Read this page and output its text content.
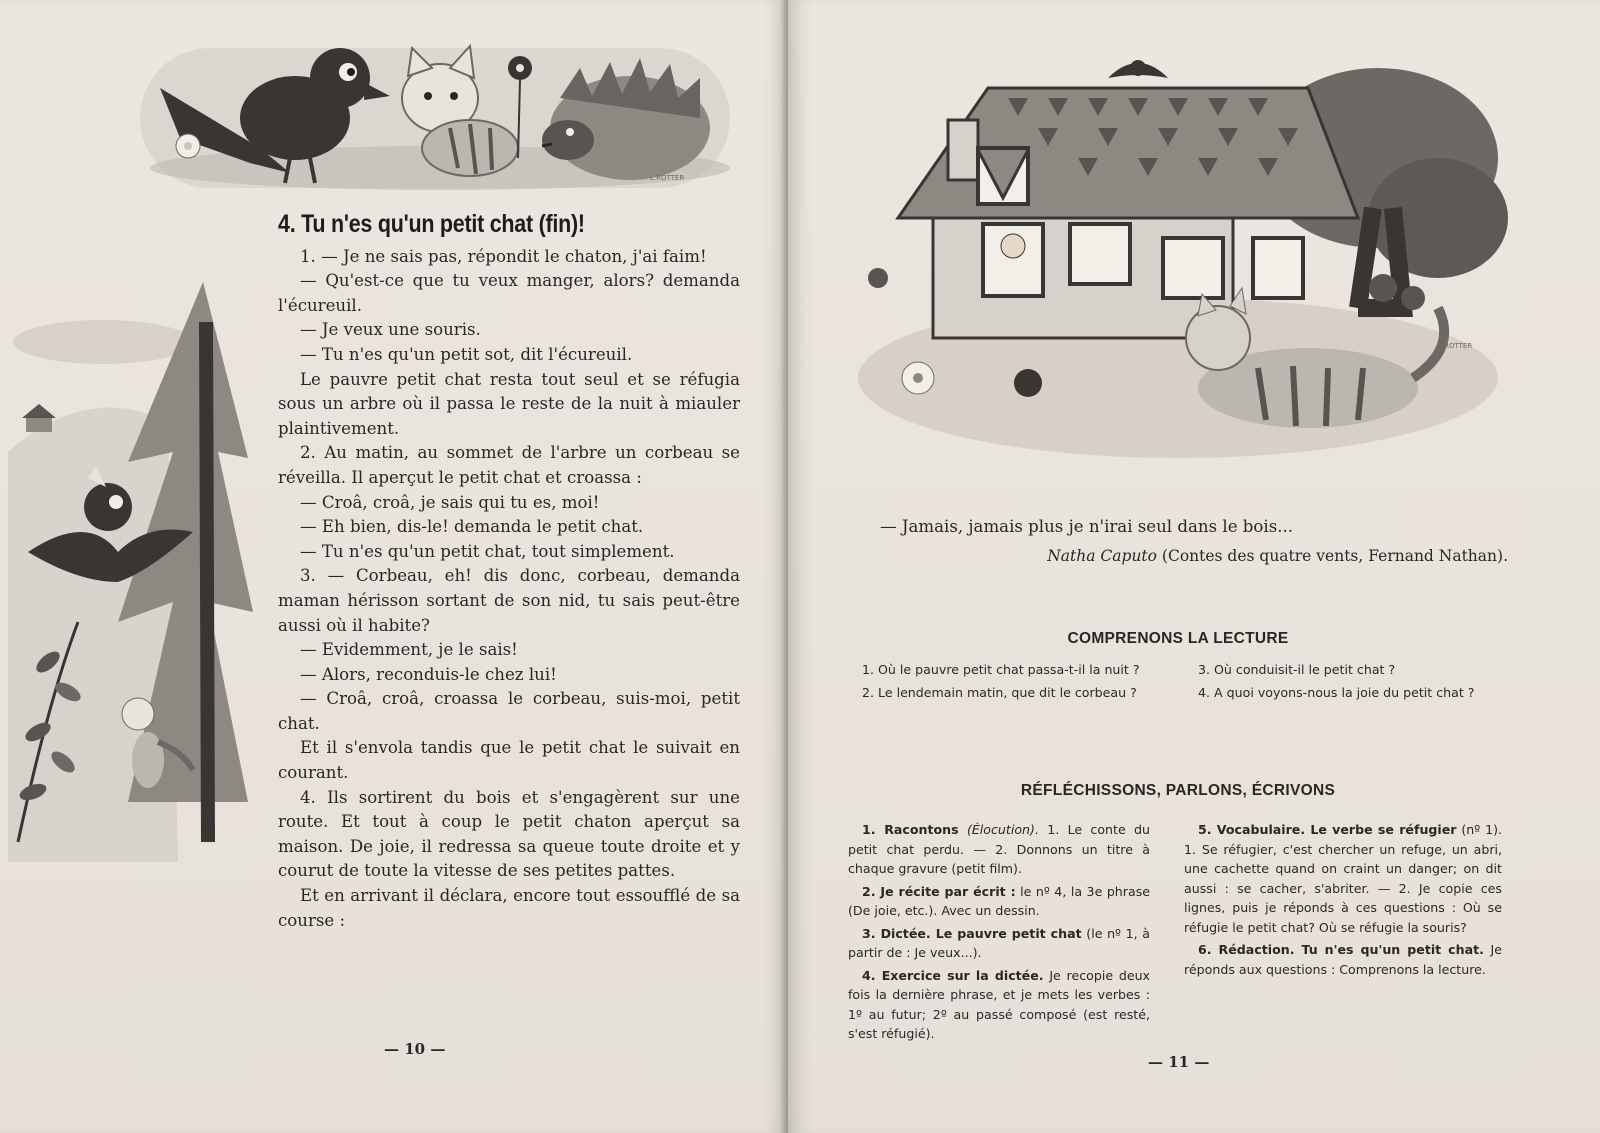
L.ROTTER
4. Tu n'es qu'un petit chat (fin)!

1. — Je ne sais pas, répondit le chaton, j'ai faim!

— Qu'est-ce que tu veux manger, alors? demanda l'écureuil.

— Je veux une souris.

— Tu n'es qu'un petit sot, dit l'écureuil.

Le pauvre petit chat resta tout seul et se réfugia sous un arbre où il passa le reste de la nuit à miauler plaintivement.

2. Au matin, au sommet de l'arbre un corbeau se réveilla. Il aperçut le petit chat et croassa :

— Croâ, croâ, je sais qui tu es, moi!

— Eh bien, dis-le! demanda le petit chat.

— Tu n'es qu'un petit chat, tout simplement.

3. — Corbeau, eh! dis donc, corbeau, demanda maman hérisson sortant de son nid, tu sais peut-être aussi où il habite?

— Evidemment, je le sais!

— Alors, reconduis-le chez lui!

— Croâ, croâ, croassa le corbeau, suis-moi, petit chat.

Et il s'envola tandis que le petit chat le suivait en courant.

4. Ils sortirent du bois et s'engagèrent sur une route. Et tout à coup le petit chaton aperçut sa maison. De joie, il redressa sa queue toute droite et y courut de toute la vitesse de ses petites pattes.

Et en arrivant il déclara, encore tout essoufflé de sa course :

— 10 —
L.ROTTER

— Jamais, jamais plus je n'irai seul dans le bois...

Natha Caputo (Contes des quatre vents, Fernand Nathan).

COMPRENONS LA LECTURE

1. Où le pauvre petit chat passa-t-il la nuit ?

2. Le lendemain matin, que dit le corbeau ?

3. Où conduisit-il le petit chat ?

4. A quoi voyons-nous la joie du petit chat ?

RÉFLÉCHISSONS, PARLONS, ÉCRIVONS

1. Racontons (Élocution). 1. Le conte du petit chat perdu. — 2. Donnons un titre à chaque gravure (petit film).

2. Je récite par écrit : le nº 4, la 3e phrase (De joie, etc.). Avec un dessin.

3. Dictée. Le pauvre petit chat (le nº 1, à partir de : Je veux...).

4. Exercice sur la dictée. Je recopie deux fois la dernière phrase, et je mets les verbes : 1º au futur; 2º au passé composé (est resté, s'est réfugié).

5. Vocabulaire. Le verbe se réfugier (nº 1). 1. Se réfugier, c'est chercher un refuge, un abri, une cachette quand on craint un danger; on dit aussi : se cacher, s'abriter. — 2. Je copie ces lignes, puis je réponds à ces questions : Où se réfugie le petit chat? Où se réfugie la souris?

6. Rédaction. Tu n'es qu'un petit chat. Je réponds aux questions : Comprenons la lecture.

— 11 —
